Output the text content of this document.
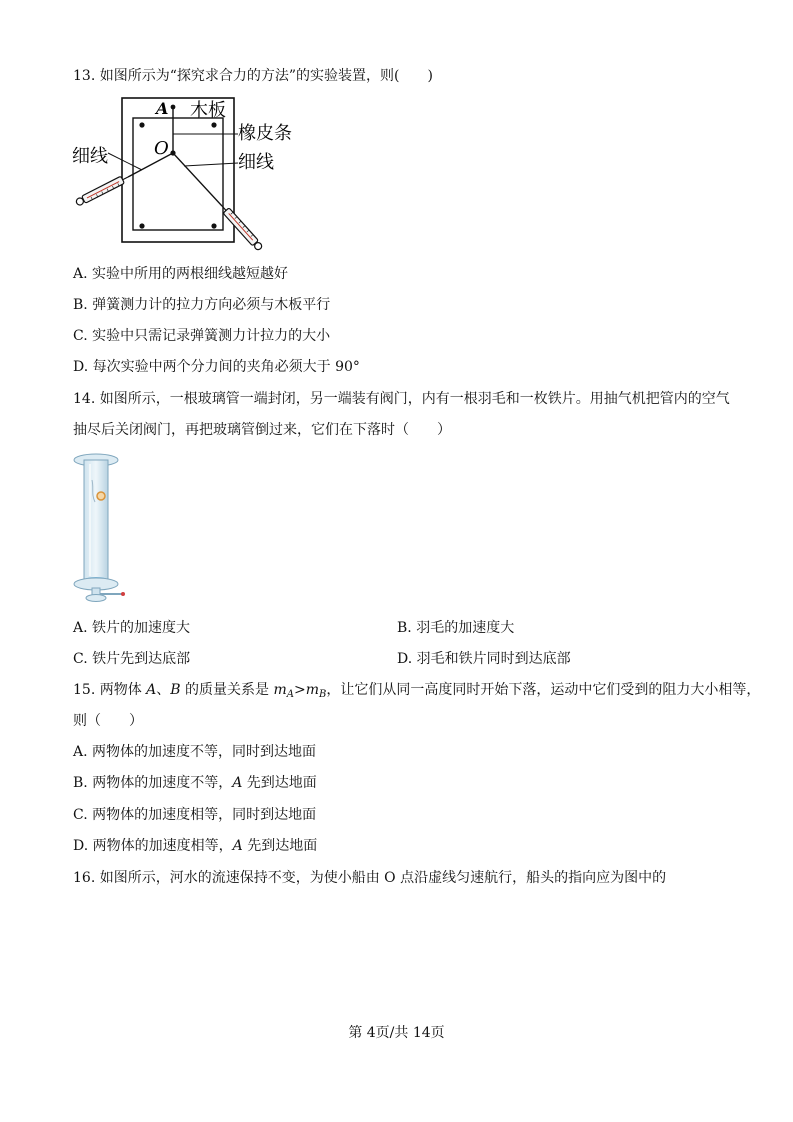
13. 如图所示为“探究求合力的方法”的实验装置，则(　　)
A 木板
橡皮条
O
细线	细线
A. 实验中所用的两根细线越短越好
B. 弹簧测力计的拉力方向必须与木板平行
C. 实验中只需记录弹簧测力计拉力的大小
D. 每次实验中两个分力间的夹角必须大于 90°
14. 如图所示，一根玻璃管一端封闭，另一端装有阀门，内有一根羽毛和一枚铁片。用抽气机把管内的空气
抽尽后关闭阀门，再把玻璃管倒过来，它们在下落时（　　）
A. 铁片的加速度大	B. 羽毛的加速度大
C. 铁片先到达底部	D. 羽毛和铁片同时到达底部
15. 两物体 A、B 的质量关系是 $m_A>m_B$，让它们从同一高度同时开始下落，运动中它们受到的阻力大小相等，
则（　　）
A. 两物体的加速度不等，同时到达地面
B. 两物体的加速度不等，A 先到达地面
C. 两物体的加速度相等，同时到达地面
D. 两物体的加速度相等，A 先到达地面
16. 如图所示，河水的流速保持不变，为使小船由 O 点沿虚线匀速航行，船头的指向应为图中的
第 4页/共 14页
